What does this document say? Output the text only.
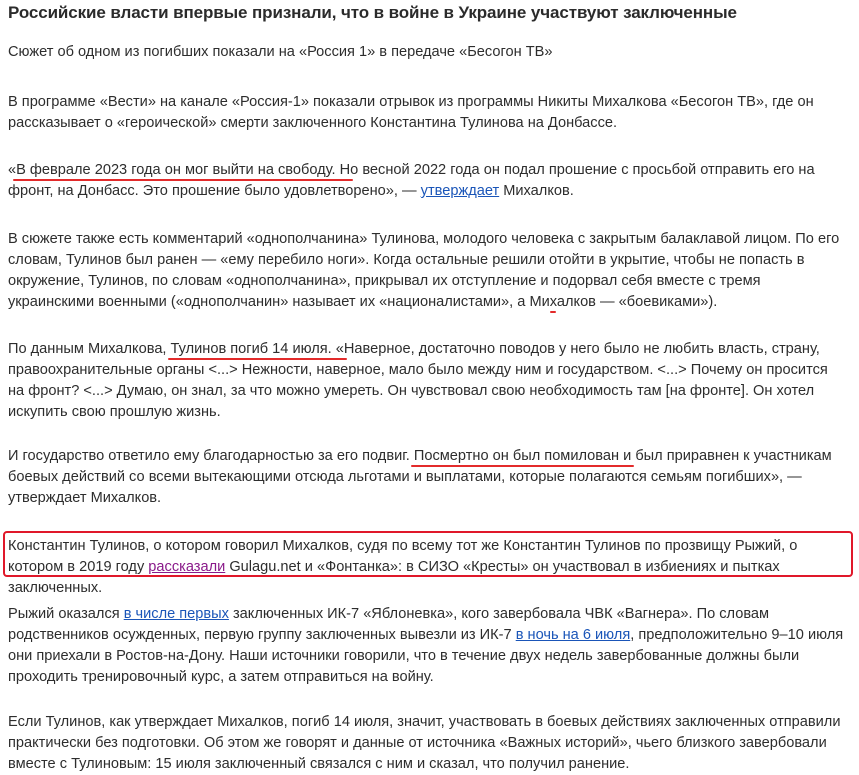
Российские власти впервые признали, что в войне в Украине участвуют заключенные

Сюжет об одном из погибших показали на «Россия 1» в передаче «Бесогон ТВ»

В программе «Вести» на канале «Россия-1» показали отрывок из программы Никиты Михалкова «Бесогон ТВ», где он рассказывает о «героической» смерти заключенного Константина Тулинова на Донбассе.

«В феврале 2023 года он мог выйти на свободу. Но весной 2022 года он подал прошение с просьбой отправить его на фронт, на Донбасс. Это прошение было удовлетворено», — утверждает Михалков.

В сюжете также есть комментарий «однополчанина» Тулинова, молодого человека с закрытым балаклавой лицом. По его словам, Тулинов был ранен — «ему перебило ноги». Когда остальные решили отойти в укрытие, чтобы не попасть в окружение, Тулинов, по словам «однополчанина», прикрывал их отступление и подорвал себя вместе с тремя украинскими военными («однополчанин» называет их «националистами», а Михалков — «боевиками»).

По данным Михалкова, Тулинов погиб 14 июля. «Наверное, достаточно поводов у него было не любить власть, страну, правоохранительные органы <...> Нежности, наверное, мало было между ним и государством. <...> Почему он просится на фронт? <...> Думаю, он знал, за что можно умереть. Он чувствовал свою необходимость там [на фронте]. Он хотел искупить свою прошлую жизнь.

И государство ответило ему благодарностью за его подвиг. Посмертно он был помилован и был приравнен к участникам боевых действий со всеми вытекающими отсюда льготами и выплатами, которые полагаются семьям погибших», — утверждает Михалков.

Константин Тулинов, о котором говорил Михалков, судя по всему тот же Константин Тулинов по прозвищу Рыжий, о котором в 2019 году рассказали Gulagu.net и «Фонтанка»: в СИЗО «Кресты» он участвовал в избиениях и пытках заключенных.

Рыжий оказался в числе первых заключенных ИК-7 «Яблоневка», кого завербовала ЧВК «Вагнера». По словам родственников осужденных, первую группу заключенных вывезли из ИК-7 в ночь на 6 июля, предположительно 9–10 июля они приехали в Ростов-на-Дону. Наши источники говорили, что в течение двух недель завербованные должны были проходить тренировочный курс, а затем отправиться на войну.

Если Тулинов, как утверждает Михалков, погиб 14 июля, значит, участвовать в боевых действиях заключенных отправили практически без подготовки. Об этом же говорят и данные от источника «Важных историй», чьего близкого завербовали вместе с Тулиновым: 15 июля заключенный связался с ним и сказал, что получил ранение.
